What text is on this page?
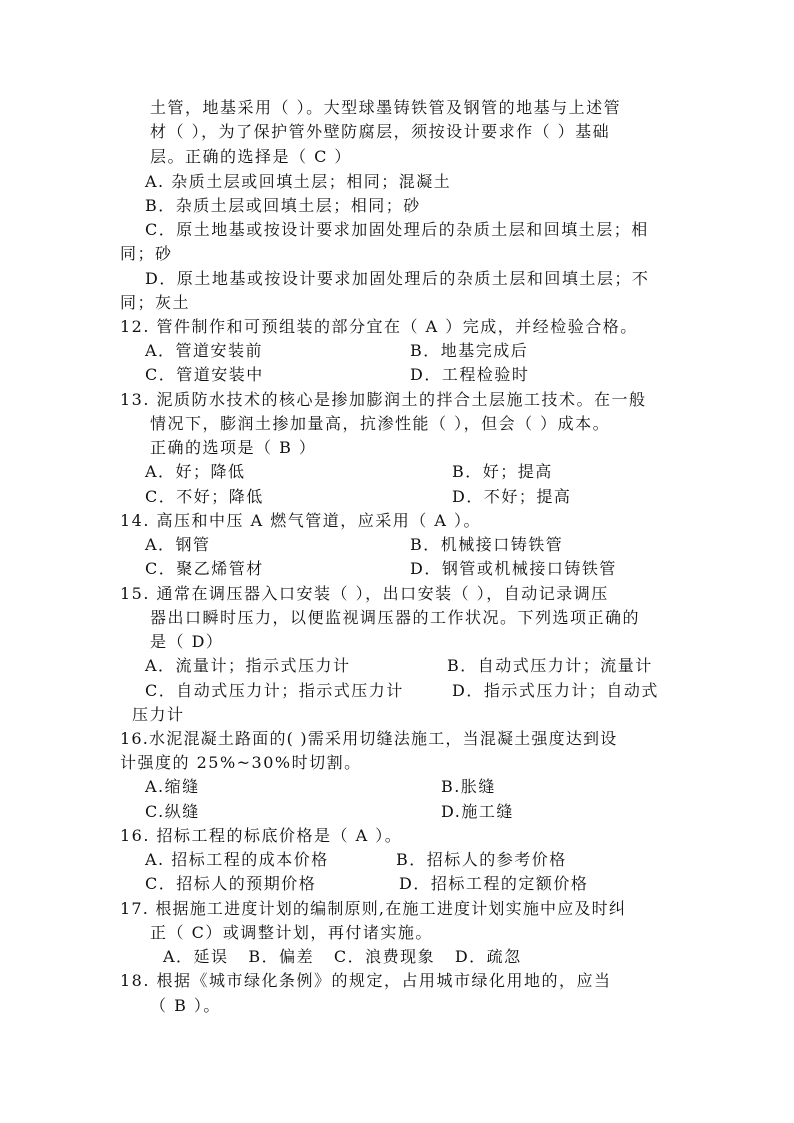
土管，地基采用（ ）。大型球墨铸铁管及钢管的地基与上述管
材（ ），为了保护管外壁防腐层，须按设计要求作（ ）基础
层。正确的选择是（ C ）
A. 杂质土层或回填土层；相同；混凝土
B．杂质土层或回填土层；相同；砂
C．原土地基或按设计要求加固处理后的杂质土层和回填土层；相
同；砂
D．原土地基或按设计要求加固处理后的杂质土层和回填土层；不
同；灰土
12. 管件制作和可预组装的部分宜在（ A ）完成，并经检验合格。
A．管道安装前	B．地基完成后
C．管道安装中	D．工程检验时
13. 泥质防水技术的核心是掺加膨润土的拌合土层施工技术。在一般
情况下，膨润土掺加量高，抗渗性能（ ），但会（ ）成本。
正确的选项是（ B ）
A．好；降低	B．好；提高
C．不好；降低	D．不好；提高
14. 高压和中压 A 燃气管道，应采用（ A ）。
A．钢管	B．机械接口铸铁管
C．聚乙烯管材	D．钢管或机械接口铸铁管
15. 通常在调压器入口安装（ ），出口安装（ ），自动记录调压
器出口瞬时压力，以便监视调压器的工作状况。下列选项正确的
是（ D）
A．流量计；指示式压力计	B．自动式压力计；流量计
C．自动式压力计；指示式压力计	D．指示式压力计；自动式
压力计
16.水泥混凝土路面的( )需采用切缝法施工，当混凝土强度达到设
计强度的 25%~30%时切割。
A.缩缝	B.胀缝
C.纵缝	D.施工缝
16. 招标工程的标底价格是（ A ）。
A. 招标工程的成本价格	B．招标人的参考价格
C．招标人的预期价格	D．招标工程的定额价格
17. 根据施工进度计划的编制原则,在施工进度计划实施中应及时纠
正（ C）或调整计划，再付诸实施。
A．延误   B．偏差   C．浪费现象   D．疏忽
18. 根据《城市绿化条例》的规定，占用城市绿化用地的，应当
（ B ）。
